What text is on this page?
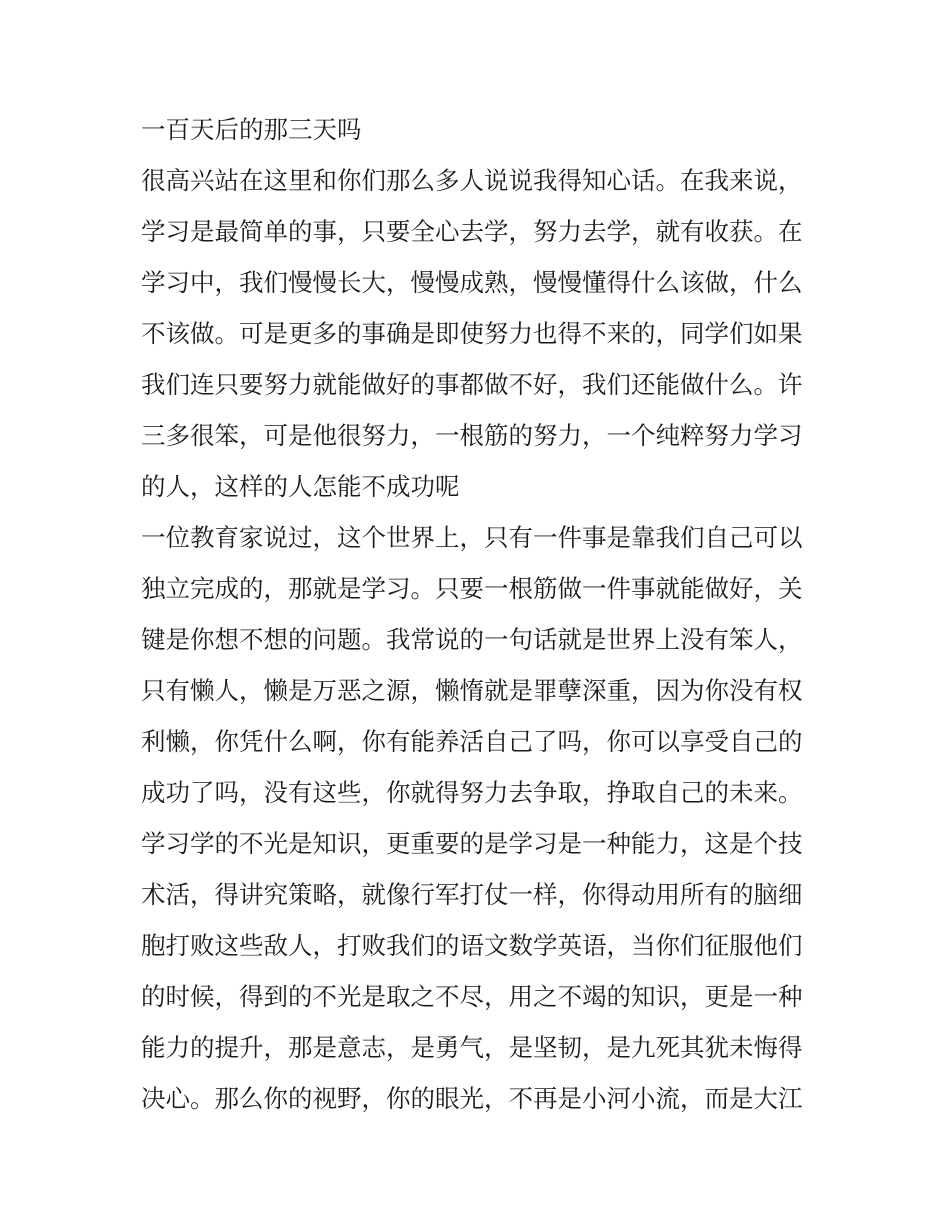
一百天后的那三天吗
很高兴站在这里和你们那么多人说说我得知心话。在我来说，
学习是最简单的事，只要全心去学，努力去学，就有收获。在
学习中，我们慢慢长大，慢慢成熟，慢慢懂得什么该做，什么
不该做。可是更多的事确是即使努力也得不来的，同学们如果
我们连只要努力就能做好的事都做不好，我们还能做什么。许
三多很笨，可是他很努力，一根筋的努力，一个纯粹努力学习
的人，这样的人怎能不成功呢
一位教育家说过，这个世界上，只有一件事是靠我们自己可以
独立完成的，那就是学习。只要一根筋做一件事就能做好，关
键是你想不想的问题。我常说的一句话就是世界上没有笨人，
只有懒人，懒是万恶之源，懒惰就是罪孽深重，因为你没有权
利懒，你凭什么啊，你有能养活自己了吗，你可以享受自己的
成功了吗，没有这些，你就得努力去争取，挣取自己的未来。
学习学的不光是知识，更重要的是学习是一种能力，这是个技
术活，得讲究策略，就像行军打仗一样，你得动用所有的脑细
胞打败这些敌人，打败我们的语文数学英语，当你们征服他们
的时候，得到的不光是取之不尽，用之不竭的知识，更是一种
能力的提升，那是意志，是勇气，是坚韧，是九死其犹未悔得
决心。那么你的视野，你的眼光，不再是小河小流，而是大江
